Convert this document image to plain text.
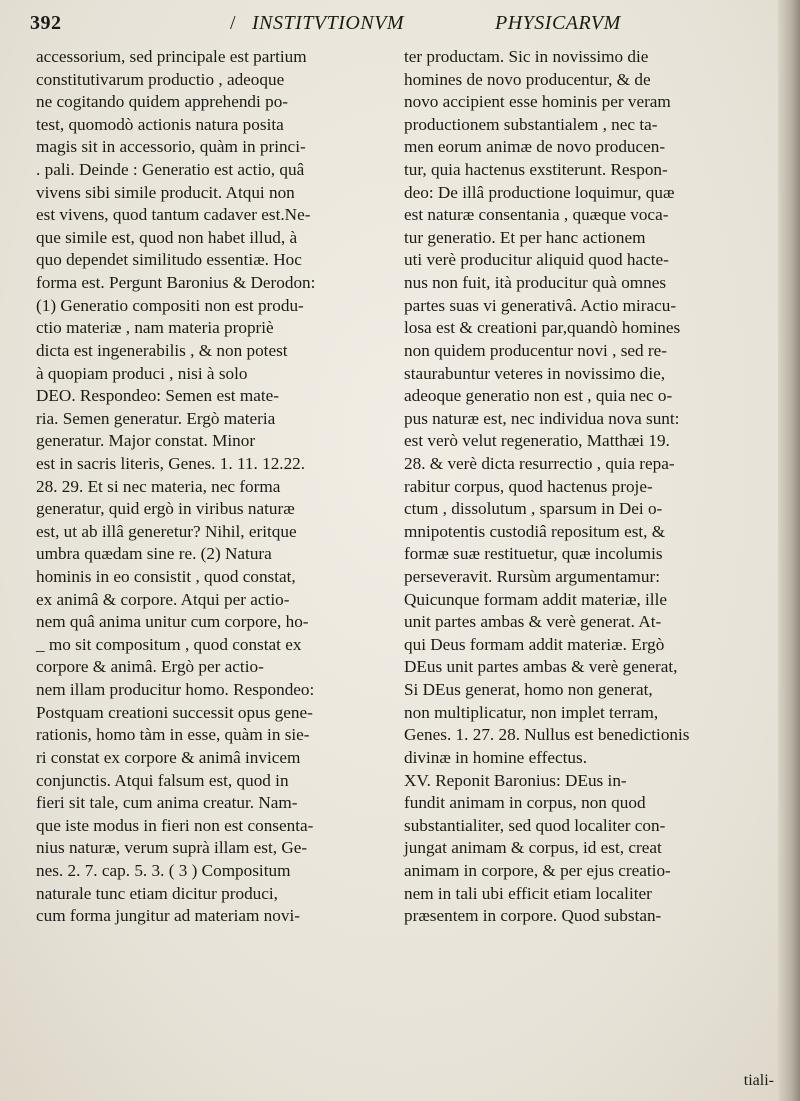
392	/ INSTITVTIONVM	PHYSICARVM
accessorium, sed principale est partium
constitutivarum productio , adeoque
ne cogitando quidem apprehendi po-
test, quomodò actionis natura posita
magis sit in accessorio, quàm in princi-
. pali. Deinde : Generatio est actio, quâ
vivens sibi simile producit. Atqui non
est vivens, quod tantum cadaver est.Ne-
que simile est, quod non habet illud, à
quo dependet similitudo essentiæ. Hoc
forma est. Pergunt Baronius & Derodon:
(1) Generatio compositi non est produ-
ctio materiæ , nam materia propriè
dicta est ingenerabilis , & non potest
à quopiam produci , nisi à solo
DEO. Respondeo: Semen est mate-
ria. Semen generatur. Ergò materia
generatur. Major constat. Minor
est in sacris literis, Genes. 1. 11. 12.22.
28. 29. Et si nec materia, nec forma
generatur, quid ergò in viribus naturæ
est, ut ab illâ generetur? Nihil, eritque
umbra quædam sine re. (2) Natura
hominis in eo consistit , quod constat,
ex animâ & corpore. Atqui per actio-
nem quâ anima unitur cum corpore, ho-
_ mo sit compositum , quod constat ex
corpore & animâ. Ergò per actio-
nem illam producitur homo. Respondeo:
Postquam creationi successit opus gene-
rationis, homo tàm in esse, quàm in sie-
ri constat ex corpore & animâ invicem
conjunctis. Atqui falsum est, quod in
fieri sit tale, cum anima creatur. Nam-
que iste modus in fieri non est consenta-
nius naturæ, verum suprà illam est, Ge-
nes. 2. 7. cap. 5. 3. ( 3 ) Compositum
naturale tunc etiam dicitur produci,
cum forma jungitur ad materiam novi-
ter productam. Sic in novissimo die
homines de novo producentur, & de
novo accipient esse hominis per veram
productionem substantialem , nec ta-
men eorum animæ de novo producen-
tur, quia hactenus exstiterunt. Respon-
deo: De illâ productione loquimur, quæ
est naturæ consentania , quæque voca-
tur generatio. Et per hanc actionem
uti verè producitur aliquid quod hacte-
nus non fuit, ità producitur quà omnes
partes suas vi generativâ. Actio miracu-
losa est & creationi par,quandò homines
non quidem producentur novi , sed re-
staurabuntur veteres in novissimo die,
adeoque generatio non est , quia nec o-
pus naturæ est, nec individua nova sunt:
est verò velut regeneratio, Matthæi 19.
28. & verè dicta resurrectio , quia repa-
rabitur corpus, quod hactenus proje-
ctum , dissolutum , sparsum in Dei o-
mnipotentis custodiâ repositum est, &
formæ suæ restituetur, quæ incolumis
perseveravit. Rursùm argumentamur:
Quicunque formam addit materiæ, ille
unit partes ambas & verè generat. At-
qui Deus formam addit materiæ. Ergò
DEus unit partes ambas & verè generat,
Si DEus generat, homo non generat,
non multiplicatur, non implet terram,
Genes. 1. 27. 28. Nullus est benedictionis
divinæ in homine effectus.
XV. Reponit Baronius: DEus in-
fundit animam in corpus, non quod
substantialiter, sed quod localiter con-
jungat animam & corpus, id est, creat
animam in corpore, & per ejus creatio-
nem in tali ubi efficit etiam localiter
præsentem in corpore. Quod substan-
tiali-
